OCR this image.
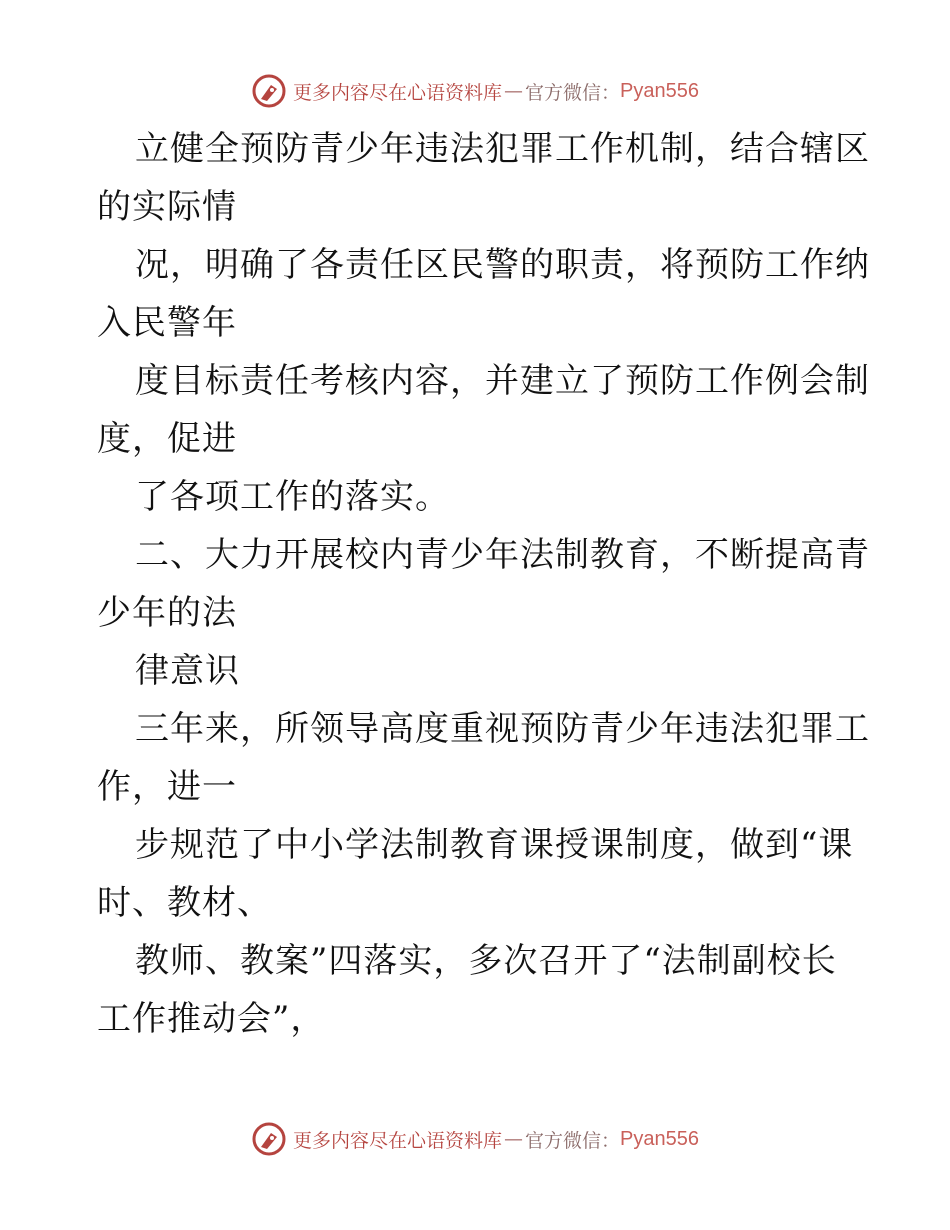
更多内容尽在心语资料库 — 官方微信： Pyan556
立健全预防青少年违法犯罪工作机制，结合辖区
的实际情
况，明确了各责任区民警的职责，将预防工作纳
入民警年
度目标责任考核内容，并建立了预防工作例会制
度，促进
了各项工作的落实。
二、大力开展校内青少年法制教育，不断提高青
少年的法
律意识
三年来，所领导高度重视预防青少年违法犯罪工
作，进一
步规范了中小学法制教育课授课制度，做到“课
时、教材、
教师、教案”四落实，多次召开了“法制副校长
工作推动会”，
更多内容尽在心语资料库 — 官方微信： Pyan556
